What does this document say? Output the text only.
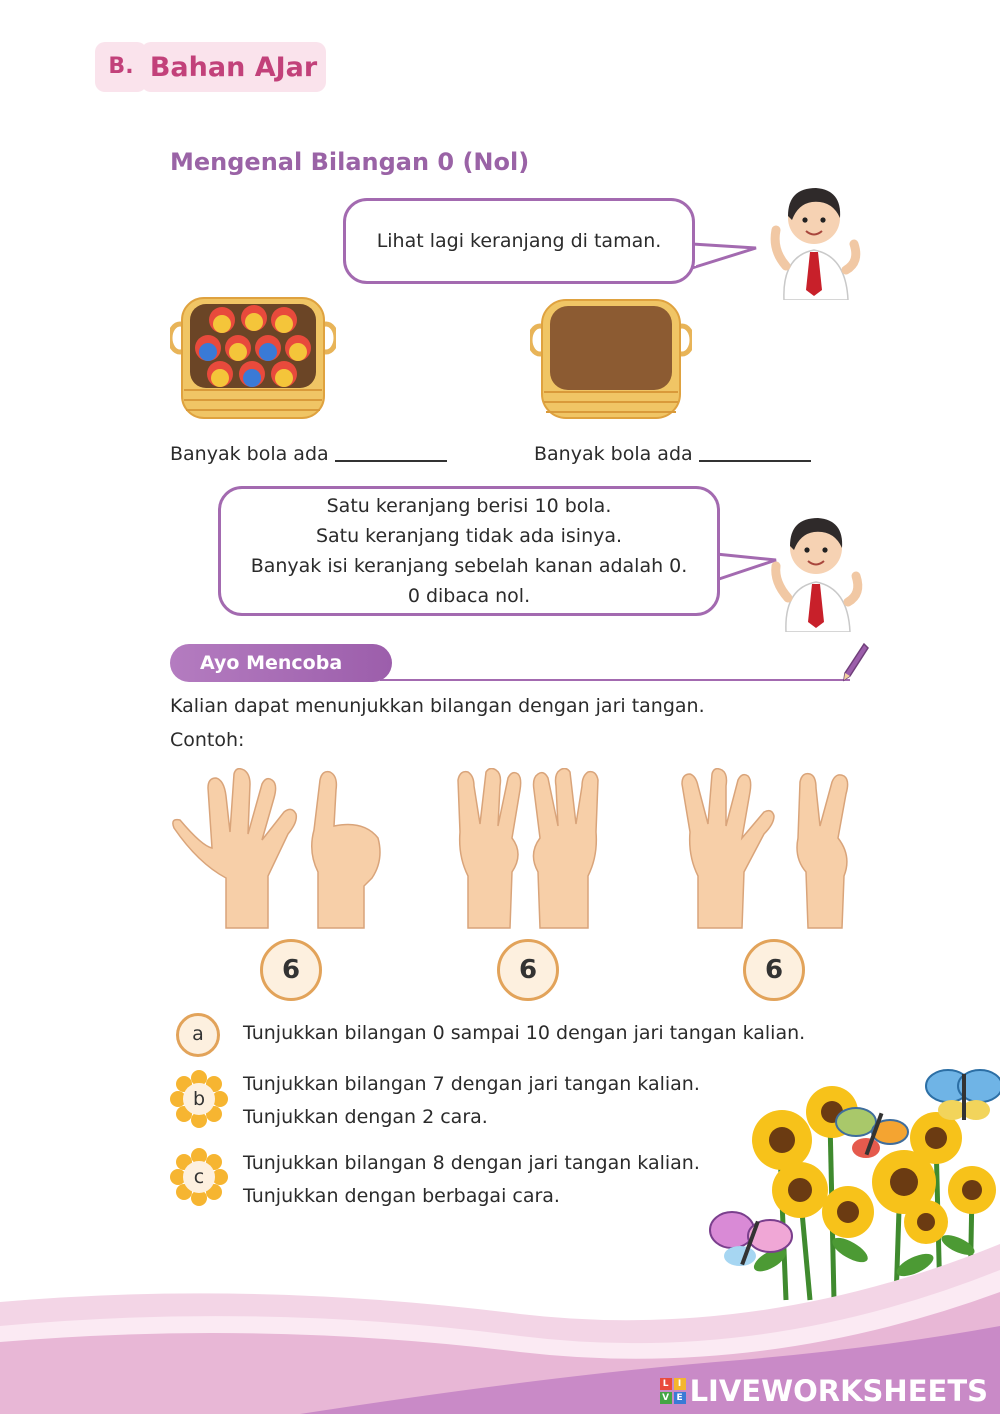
B. Bahan AJar
Mengenal Bilangan 0 (Nol)
Lihat lagi keranjang di taman.
Banyak bola ada	Banyak bola ada
Satu keranjang berisi 10 bola.
Satu keranjang tidak ada isinya.
Banyak isi keranjang sebelah kanan adalah 0.
0 dibaca nol.
Ayo Mencoba
Kalian dapat menunjukkan bilangan dengan jari tangan.
Contoh:
6	6	6
a	Tunjukkan bilangan 0 sampai 10 dengan jari tangan kalian.
b
Tunjukkan bilangan 7 dengan jari tangan kalian.
Tunjukkan dengan 2 cara.
c
Tunjukkan bilangan 8 dengan jari tangan kalian.
Tunjukkan dengan berbagai cara.
L	I
V E LIVEWORKSHEETS
